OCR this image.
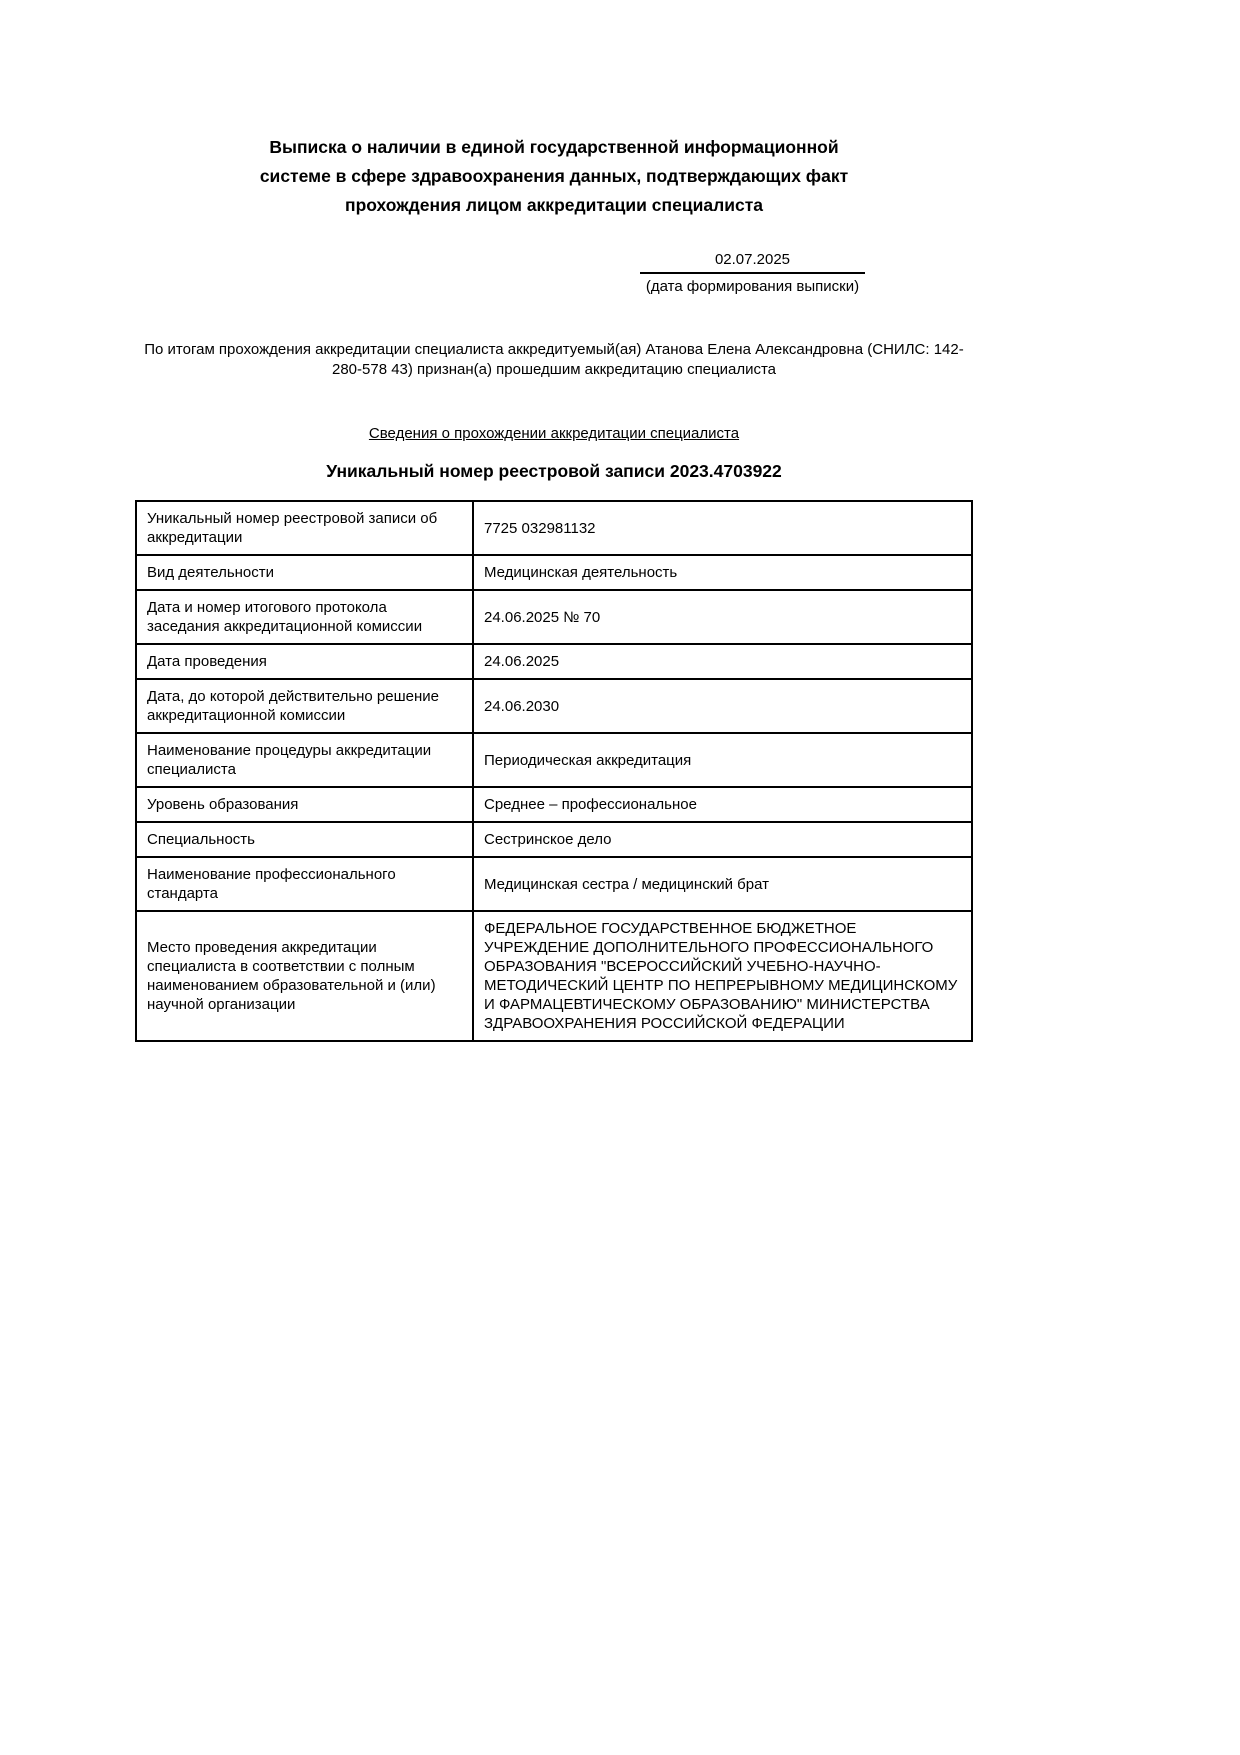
Выписка о наличии в единой государственной информационной системе в сфере здравоохранения данных, подтверждающих факт прохождения лицом аккредитации специалиста
02.07.2025
(дата формирования выписки)
По итогам прохождения аккредитации специалиста аккредитуемый(ая) Атанова Елена Александровна (СНИЛС: 142-280-578 43) признан(а) прошедшим аккредитацию специалиста
Сведения о прохождении аккредитации специалиста
Уникальный номер реестровой записи 2023.4703922
Уникальный номер реестровой записи об аккредитации	7725 032981132
Вид деятельности	Медицинская деятельность
Дата и номер итогового протокола заседания аккредитационной комиссии	24.06.2025 № 70
Дата проведения	24.06.2025
Дата, до которой действительно решение аккредитационной комиссии	24.06.2030
Наименование процедуры аккредитации специалиста	Периодическая аккредитация
Уровень образования	Среднее – профессиональное
Специальность	Сестринское дело
Наименование профессионального стандарта	Медицинская сестра / медицинский брат
Место проведения аккредитации специалиста в соответствии с полным наименованием образовательной и (или) научной организации	ФЕДЕРАЛЬНОЕ ГОСУДАРСТВЕННОЕ БЮДЖЕТНОЕ УЧРЕЖДЕНИЕ ДОПОЛНИТЕЛЬНОГО ПРОФЕССИОНАЛЬНОГО ОБРАЗОВАНИЯ "ВСЕРОССИЙСКИЙ УЧЕБНО-НАУЧНО-МЕТОДИЧЕСКИЙ ЦЕНТР ПО НЕПРЕРЫВНОМУ МЕДИЦИНСКОМУ И ФАРМАЦЕВТИЧЕСКОМУ ОБРАЗОВАНИЮ" МИНИСТЕРСТВА ЗДРАВООХРАНЕНИЯ РОССИЙСКОЙ ФЕДЕРАЦИИ
